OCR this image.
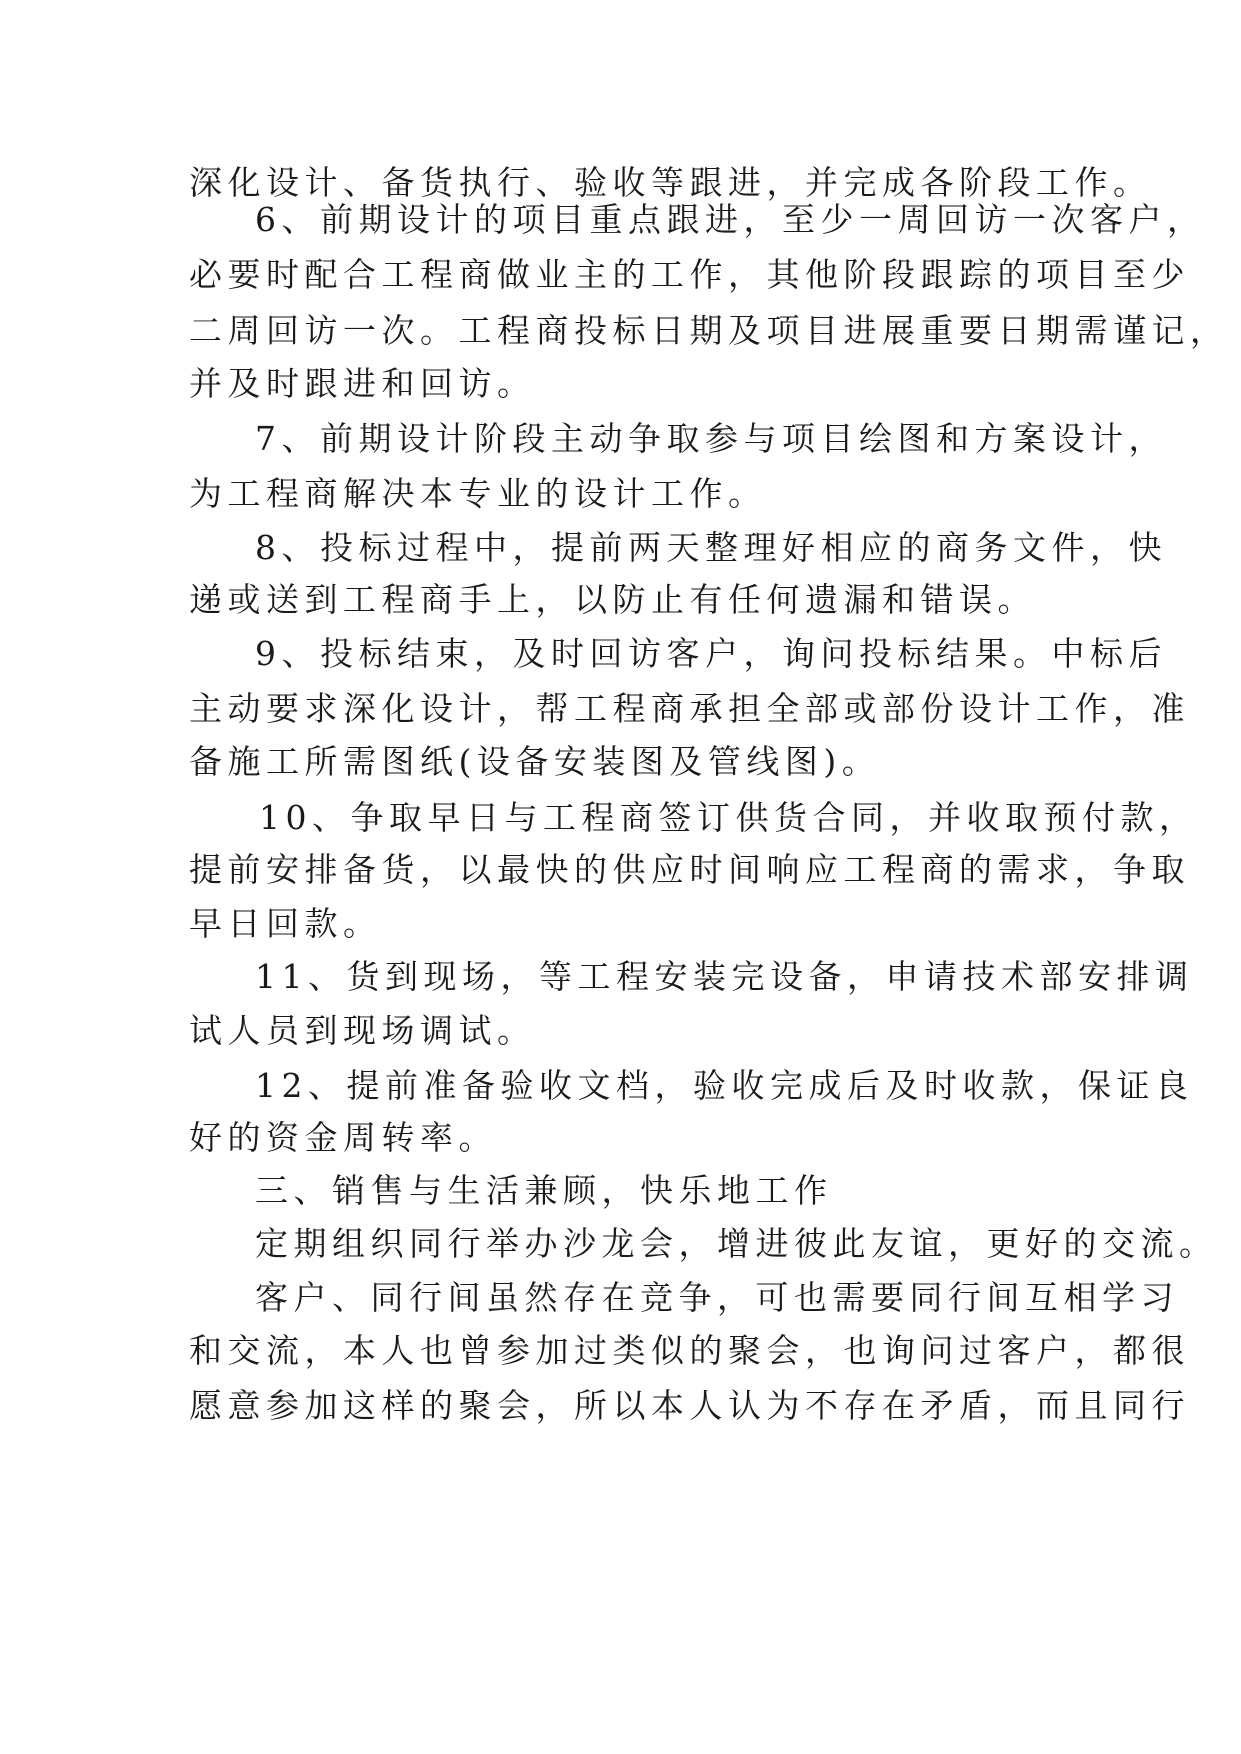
深化设计、备货执行、验收等跟进，并完成各阶段工作。

6、前期设计的项目重点跟进，至少一周回访一次客户，

必要时配合工程商做业主的工作，其他阶段跟踪的项目至少

二周回访一次。工程商投标日期及项目进展重要日期需谨记，

并及时跟进和回访。

7、前期设计阶段主动争取参与项目绘图和方案设计，

为工程商解决本专业的设计工作。

8、投标过程中，提前两天整理好相应的商务文件，快

递或送到工程商手上，以防止有任何遗漏和错误。

9、投标结束，及时回访客户，询问投标结果。中标后

主动要求深化设计，帮工程商承担全部或部份设计工作，准

备施工所需图纸(设备安装图及管线图)。

10、争取早日与工程商签订供货合同，并收取预付款，

提前安排备货，以最快的供应时间响应工程商的需求，争取

早日回款。

11、货到现场，等工程安装完设备，申请技术部安排调

试人员到现场调试。

12、提前准备验收文档，验收完成后及时收款，保证良

好的资金周转率。

三、销售与生活兼顾，快乐地工作

定期组织同行举办沙龙会，增进彼此友谊，更好的交流。

客户、同行间虽然存在竞争，可也需要同行间互相学习

和交流，本人也曾参加过类似的聚会，也询问过客户，都很

愿意参加这样的聚会，所以本人认为不存在矛盾，而且同行
